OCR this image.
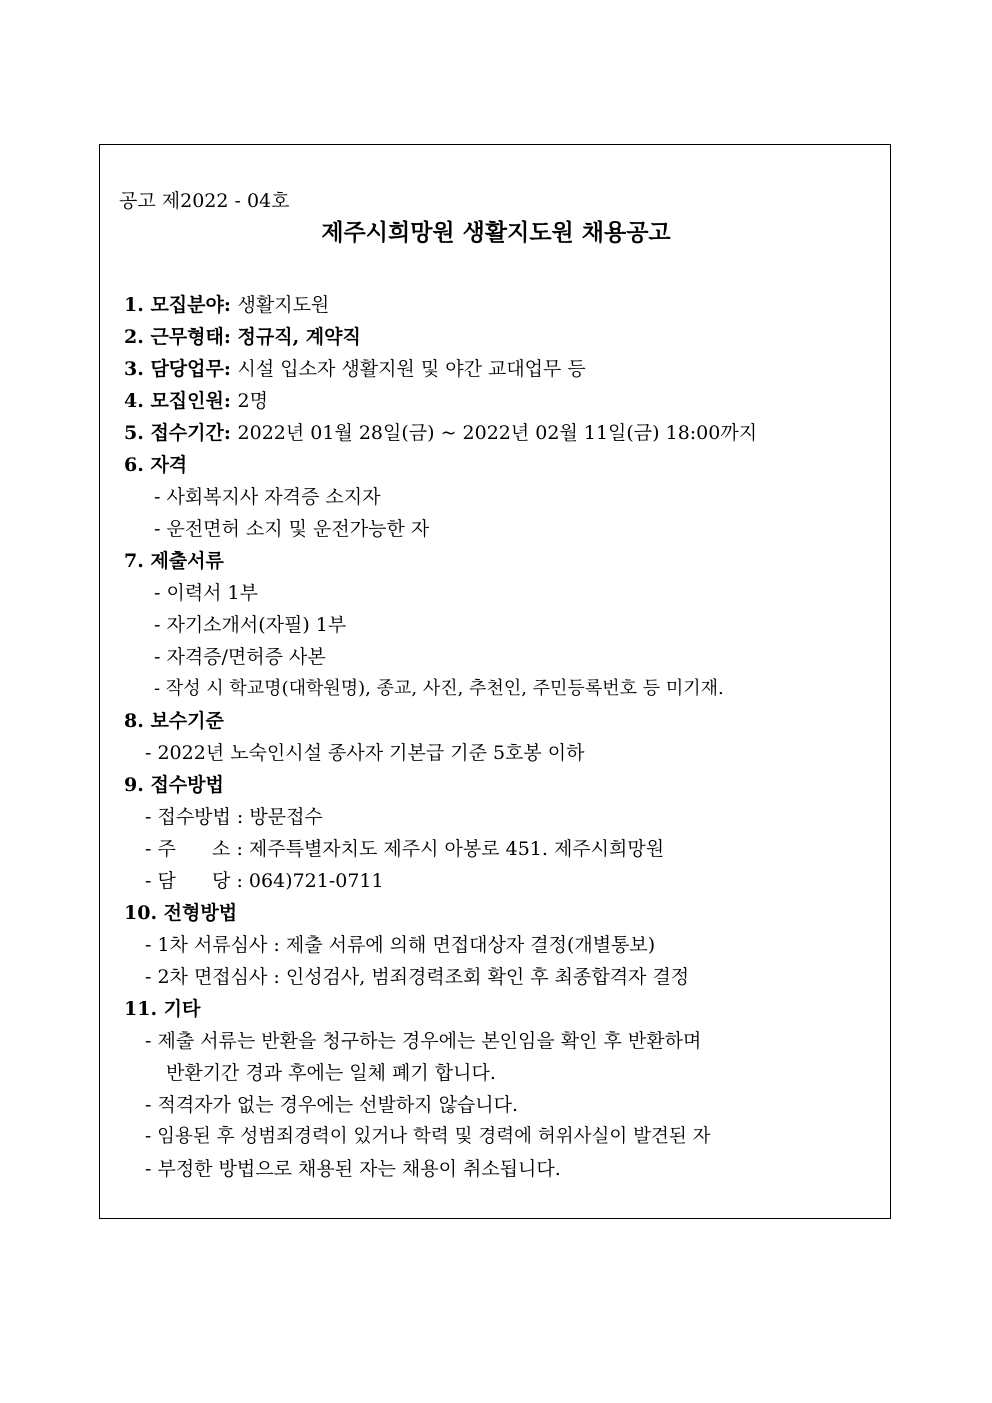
공고 제2022 - 04호
제주시희망원 생활지도원 채용공고
1. 모집분야: 생활지도원
2. 근무형태: 정규직, 계약직
3. 담당업무: 시설 입소자 생활지원 및 야간 교대업무 등
4. 모집인원: 2명
5. 접수기간: 2022년 01월 28일(금) ~ 2022년 02월 11일(금) 18:00까지
6. 자격
- 사회복지사 자격증 소지자
- 운전면허 소지 및 운전가능한 자
7. 제출서류
- 이력서 1부
- 자기소개서(자필) 1부
- 자격증/면허증 사본
- 작성 시 학교명(대학원명), 종교, 사진, 추천인, 주민등록번호 등 미기재.
8. 보수기준
- 2022년 노숙인시설 종사자 기본급 기준 5호봉 이하
9. 접수방법
- 접수방법 : 방문접수
- 주      소 : 제주특별자치도 제주시 아봉로 451. 제주시희망원
- 담      당 : 064)721-0711
10. 전형방법
- 1차 서류심사 : 제출 서류에 의해 면접대상자 결정(개별통보)
- 2차 면접심사 : 인성검사, 범죄경력조회 확인 후 최종합격자 결정
11. 기타
- 제출 서류는 반환을 청구하는 경우에는 본인임을 확인 후 반환하며
반환기간 경과 후에는 일체 폐기 합니다.
- 적격자가 없는 경우에는 선발하지 않습니다.
- 임용된 후 성범죄경력이 있거나 학력 및 경력에 허위사실이 발견된 자
- 부정한 방법으로 채용된 자는 채용이 취소됩니다.
